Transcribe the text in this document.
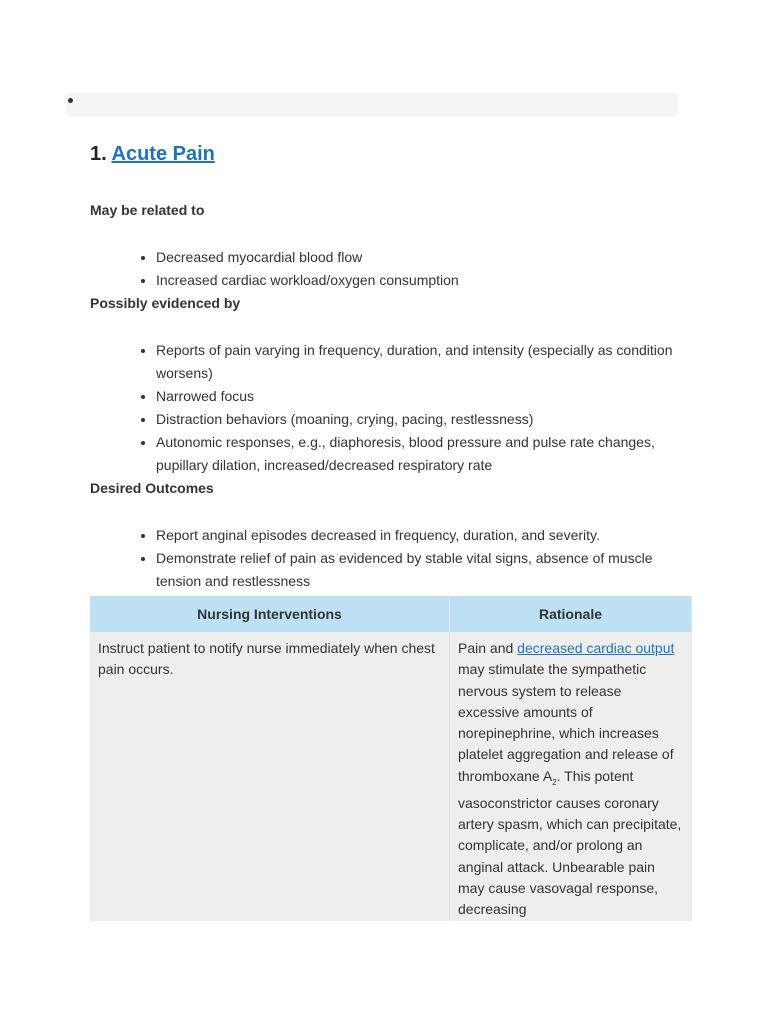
1. Acute Pain
May be related to
• Decreased myocardial blood flow
• Increased cardiac workload/oxygen consumption
Possibly evidenced by
• Reports of pain varying in frequency, duration, and intensity (especially as condition worsens)
• Narrowed focus
• Distraction behaviors (moaning, crying, pacing, restlessness)
• Autonomic responses, e.g., diaphoresis, blood pressure and pulse rate changes, pupillary dilation, increased/decreased respiratory rate
Desired Outcomes
• Report anginal episodes decreased in frequency, duration, and severity.
• Demonstrate relief of pain as evidenced by stable vital signs, absence of muscle tension and restlessness
Nursing Interventions	Rationale
Instruct patient to notify nurse immediately when chest pain occurs.	Pain and decreased cardiac output may stimulate the sympathetic nervous system to release excessive amounts of norepinephrine, which increases platelet aggregation and release of thromboxane $A_2$. This potent vasoconstrictor causes coronary artery spasm, which can precipitate, complicate, and/or prolong an anginal attack. Unbearable pain may cause vasovagal response, decreasing
